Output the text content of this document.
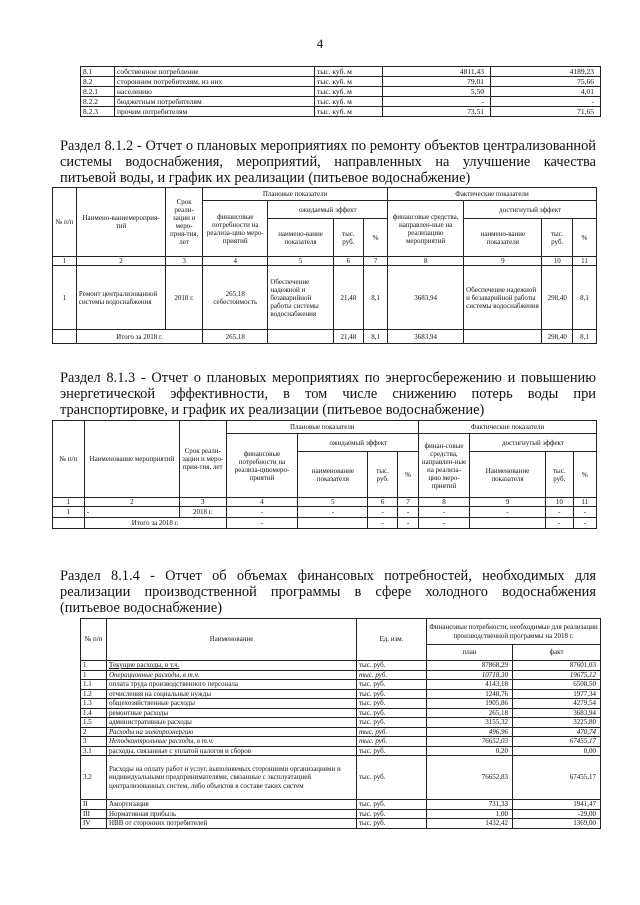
4
8.1	собственное потребление	тыс. куб. м	4811,43	4189,23
8.2	сторонним потребителям, из них	тыс. куб. м	79,01	75,66
8.2.1	населению	тыс. куб. м	5,50	4,01
8.2.2	бюджетным потребителям	тыс. куб. м	-	-
8.2.3	прочим потребителям	тыс. куб. м	73,51	71,65
Раздел 8.1.2 - Отчет о плановых мероприятиях по ремонту объектов централизованной системы водоснабжения, мероприятий, направленных на улучшение качества питьевой воды, и график их реализации (питьевое водоснабжение)
№ п/п	Наимено-ваниемероприя-тий	Срок реали-зации и меро-прия-тия, лет	Плановые показатели				Фактические показатели			
			финансовые потребности на реализа-цию меро-приятий	ожидаемый эффект			финансовые средства, направлен-ные на реализацию мероприятий	достигнутый эффект		
				наимено-вание показателя	тыс. руб.	%		наимено-вание показателя	тыс. руб.	%
1	2	3	4	5	6	7	8	9	10	11
1	Ремонт централизованной системы водоснабжения	2018 г.	265,18 себестоимость	Обеспечение надежной и безаварийной работы системы водоснабжения	21,48	8,1	3683,94	Обеспечение надежной и безаварийной работы системы водоснабжения	298,40	8,1
	Итого за 2018 г.		265,18		21,48	8,1	3683,94		298,40	8,1
Раздел 8.1.3 - Отчет о плановых мероприятиях по энергосбережению и повышению энергетической эффективности, в том числе снижению потерь воды при транспортировке, и график их реализации (питьевое водоснабжение)
№ п/п	Наименование мероприятий	Срок реали-зации и меро-прия-тия, лет	Плановые показатели				Фактические показатели			
			финансовые потребности на реализа-циюмеро-приятий	ожидаемый эффект			финан-совые средства, направлен-ные на реализа-цию меро-приятий	достигнутый эффект		
				наименование показателя	тыс. руб.	%		Наименование показателя	тыс. руб.	%
1	2	3	4	5	6	7	8	9	10	11
1	-	2018 г.	-	-	-	-	-	-	-	-
	Итого за 2018 г.		-		-	-	-		-	-
Раздел 8.1.4 - Отчет об объемах финансовых потребностей, необходимых для реализации производственной программы в сфере холодного водоснабжения (питьевое водоснабжение)
№ п/п	Наименование	Ед. изм.	Финансовые потребности, необходимые для реализации производственной программы на 2018 г.	
			план	факт
1	Текущие расходы, в т.ч.	тыс. руб.	87868,29	87601,03
1	Операционные расходы, в т.ч.	тыс. руб.	10718,30	19675,12
1.1	оплата труда производственного персонала	тыс. руб.	4143,18	6508,50
1.2	отчисления на социальные нужды	тыс. руб.	1248,76	1977,34
1.3	общехозяйственные расходы	тыс. руб.	1905,86	4279,54
1.4	ремонтные расходы	тыс. руб.	265,18	3683,94
1.5	административные расходы	тыс. руб.	3155,32	3225,80
2	Расходы на электроэнергию	тыс. руб.	496,96	470,74
3	Неподконтрольные расходы, в т.ч.	тыс. руб.	76652,03	67455,17
3.1	расходы, связанные с уплатой налогов и сборов	тыс. руб.	0,20	0,00
3.2	Расходы на оплату работ и услуг, выполняемых сторонними организациями и индивидуальными предпринимателями, связанные с эксплуатацией централизованных систем, либо объектов в составе таких систем	тыс. руб.	76652,83	67455,17
II	Амортизация	тыс. руб.	731,33	1941,47
III	Нормативная прибыль	тыс. руб.	1,00	-29,00
IV	НВВ от сторонних потребителей	тыс. руб.	1432,42	1369,00
